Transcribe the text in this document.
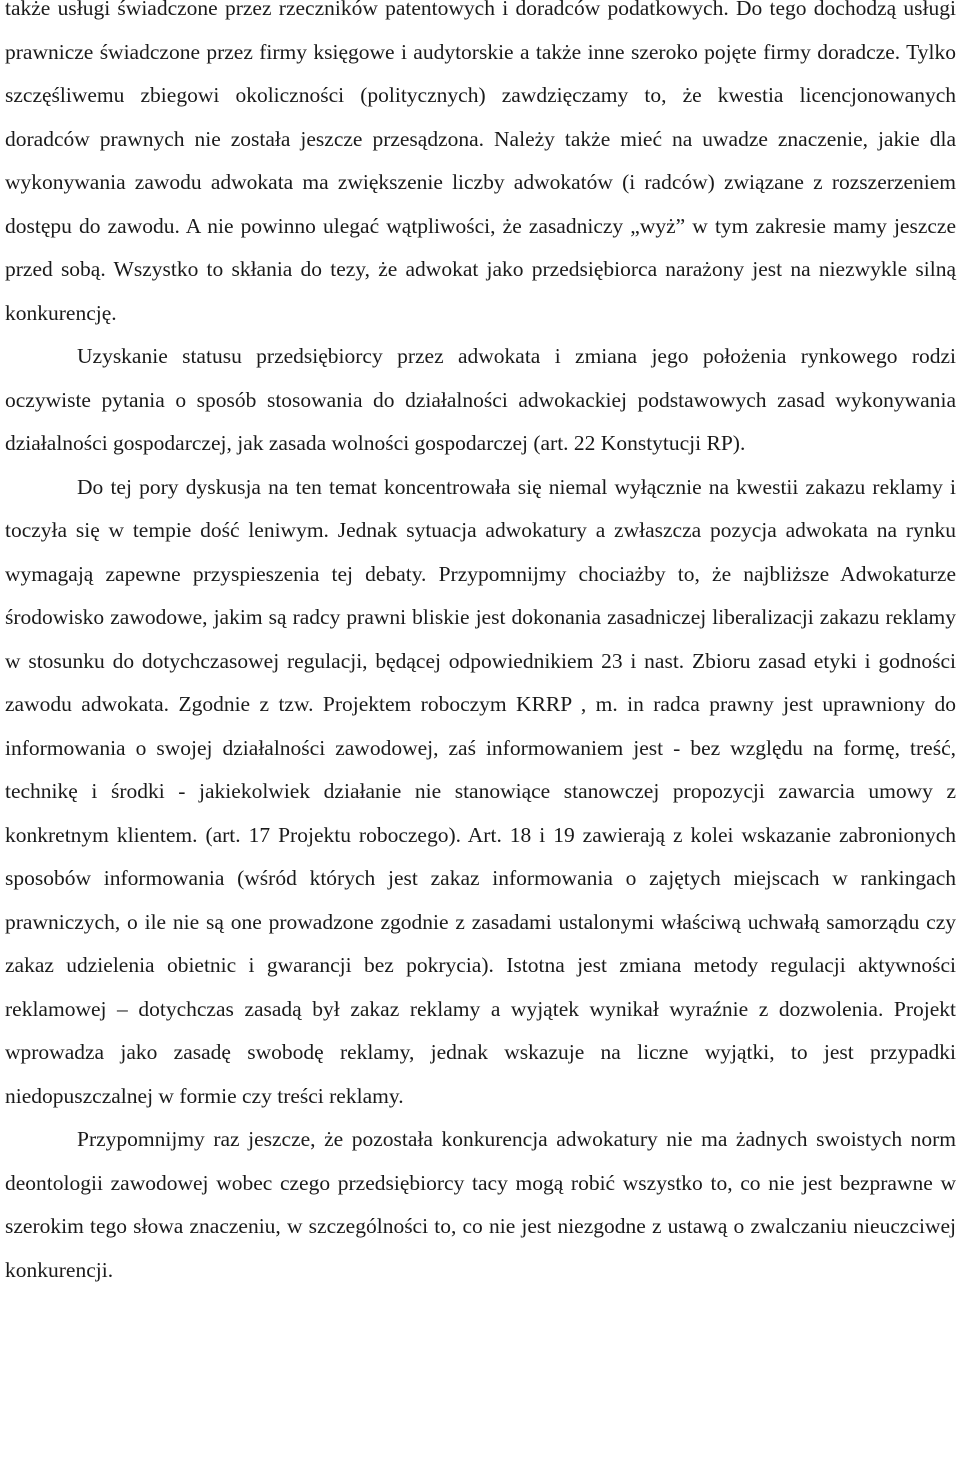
także usługi świadczone przez rzeczników patentowych i doradców podatkowych. Do tego dochodzą usługi prawnicze świadczone przez firmy księgowe i audytorskie a także inne szeroko pojęte firmy doradcze. Tylko szczęśliwemu zbiegowi okoliczności (politycznych) zawdzięczamy to, że kwestia licencjonowanych doradców prawnych nie została jeszcze przesądzona. Należy także mieć na uwadze znaczenie, jakie dla wykonywania zawodu adwokata ma zwiększenie liczby adwokatów (i radców) związane z rozszerzeniem dostępu do zawodu. A nie powinno ulegać wątpliwości, że zasadniczy „wyż” w tym zakresie mamy jeszcze przed sobą. Wszystko to skłania do tezy, że adwokat jako przedsiębiorca narażony jest na niezwykle silną konkurencję.

Uzyskanie statusu przedsiębiorcy przez adwokata i zmiana jego położenia rynkowego rodzi oczywiste pytania o sposób stosowania do działalności adwokackiej podstawowych zasad wykonywania działalności gospodarczej, jak zasada wolności gospodarczej (art. 22 Konstytucji RP).

Do tej pory dyskusja na ten temat koncentrowała się niemal wyłącznie na kwestii zakazu reklamy i toczyła się w tempie dość leniwym. Jednak sytuacja adwokatury a zwłaszcza pozycja adwokata na rynku wymagają zapewne przyspieszenia tej debaty. Przypomnijmy chociażby to, że najbliższe Adwokaturze środowisko zawodowe, jakim są radcy prawni bliskie jest dokonania zasadniczej liberalizacji zakazu reklamy w stosunku do dotychczasowej regulacji, będącej odpowiednikiem 23 i nast. Zbioru zasad etyki i godności zawodu adwokata. Zgodnie z tzw. Projektem roboczym KRRP , m. in radca prawny jest uprawniony do informowania o swojej działalności zawodowej, zaś informowaniem jest - bez względu na formę, treść, technikę i środki - jakiekolwiek działanie nie stanowiące stanowczej propozycji zawarcia umowy z konkretnym klientem. (art. 17 Projektu roboczego). Art. 18 i 19 zawierają z kolei wskazanie zabronionych sposobów informowania (wśród których jest zakaz informowania o zajętych miejscach w rankingach prawniczych, o ile nie są one prowadzone zgodnie z zasadami ustalonymi właściwą uchwałą samorządu czy zakaz udzielenia obietnic i gwarancji bez pokrycia). Istotna jest zmiana metody regulacji aktywności reklamowej – dotychczas zasadą był zakaz reklamy a wyjątek wynikał wyraźnie z dozwolenia. Projekt wprowadza jako zasadę swobodę reklamy, jednak wskazuje na liczne wyjątki, to jest przypadki niedopuszczalnej w formie czy treści reklamy.

Przypomnijmy raz jeszcze, że pozostała konkurencja adwokatury nie ma żadnych swoistych norm deontologii zawodowej wobec czego przedsiębiorcy tacy mogą robić wszystko to, co nie jest bezprawne w szerokim tego słowa znaczeniu, w szczególności to, co nie jest niezgodne z ustawą o zwalczaniu nieuczciwej konkurencji.
